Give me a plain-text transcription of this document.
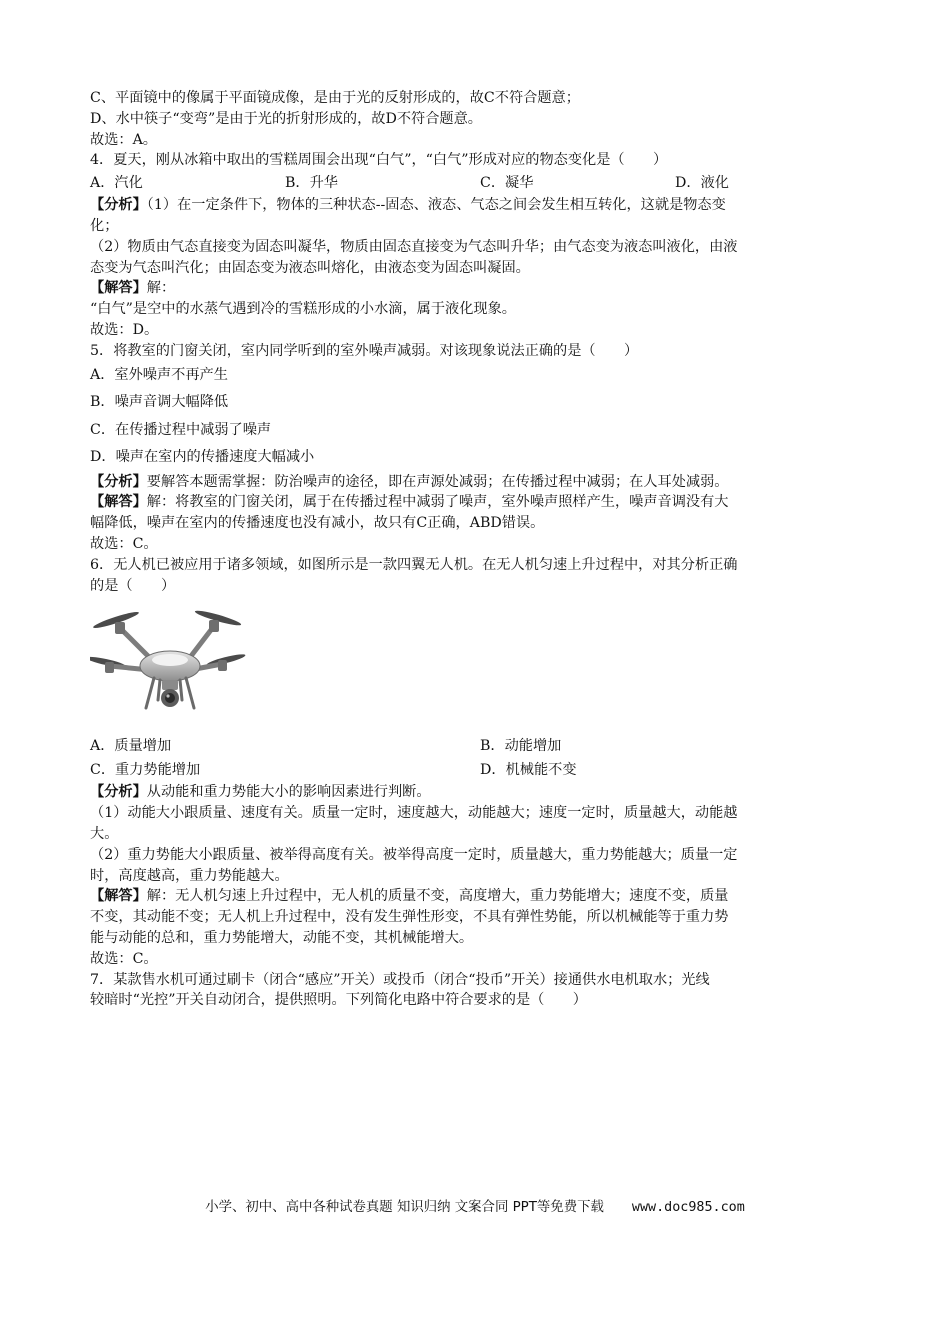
C、平面镜中的像属于平面镜成像，是由于光的反射形成的，故C不符合题意；
D、水中筷子“变弯”是由于光的折射形成的，故D不符合题意。
故选：A。
4．夏天，刚从冰箱中取出的雪糕周围会出现“白气”，“白气”形成对应的物态变化是（　　）
A．汽化	B．升华	C．凝华	D．液化
【分析】（1）在一定条件下，物体的三种状态--固态、液态、气态之间会发生相互转化，这就是物态变
化；
（2）物质由气态直接变为固态叫凝华，物质由固态直接变为气态叫升华；由气态变为液态叫液化，由液
态变为气态叫汽化；由固态变为液态叫熔化，由液态变为固态叫凝固。
【解答】解：
“白气”是空中的水蒸气遇到冷的雪糕形成的小水滴，属于液化现象。
故选：D。
5．将教室的门窗关闭，室内同学听到的室外噪声减弱。对该现象说法正确的是（　　）
A．室外噪声不再产生
B．噪声音调大幅降低
C．在传播过程中减弱了噪声
D．噪声在室内的传播速度大幅减小
【分析】要解答本题需掌握：防治噪声的途径，即在声源处减弱；在传播过程中减弱；在人耳处减弱。
【解答】解：将教室的门窗关闭，属于在传播过程中减弱了噪声，室外噪声照样产生，噪声音调没有大
幅降低，噪声在室内的传播速度也没有减小，故只有C正确，ABD错误。
故选：C。
6．无人机已被应用于诸多领域，如图所示是一款四翼无人机。在无人机匀速上升过程中，对其分析正确
的是（　　）
A．质量增加	B．动能增加
C．重力势能增加	D．机械能不变
【分析】从动能和重力势能大小的影响因素进行判断。
（1）动能大小跟质量、速度有关。质量一定时，速度越大，动能越大；速度一定时，质量越大，动能越
大。
（2）重力势能大小跟质量、被举得高度有关。被举得高度一定时，质量越大，重力势能越大；质量一定
时，高度越高，重力势能越大。
【解答】解：无人机匀速上升过程中，无人机的质量不变，高度增大，重力势能增大；速度不变，质量
不变，其动能不变；无人机上升过程中，没有发生弹性形变，不具有弹性势能，所以机械能等于重力势
能与动能的总和，重力势能增大，动能不变，其机械能增大。
故选：C。
7．某款售水机可通过刷卡（闭合“感应”开关）或投币（闭合“投币”开关）接通供水电机取水；光线
较暗时“光控”开关自动闭合，提供照明。下列简化电路中符合要求的是（　　）
小学、初中、高中各种试卷真题 知识归纳 文案合同 PPT等免费下载 www.doc985.com
